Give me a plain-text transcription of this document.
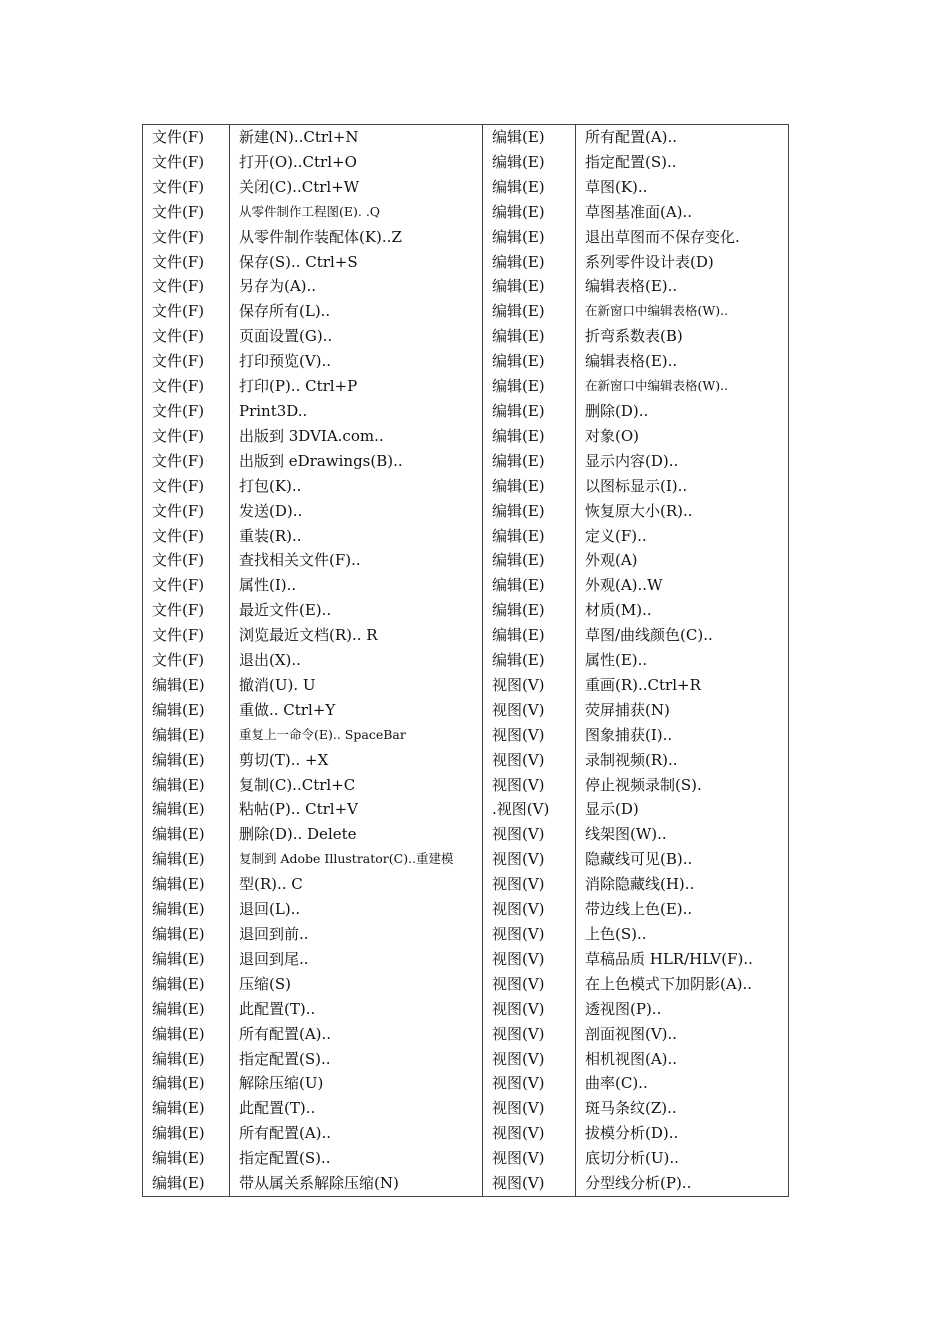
文件(F)	新建(N)..Ctrl+N	编辑(E)	所有配置(A)..
文件(F)	打开(O)..Ctrl+O	编辑(E)	指定配置(S)..
文件(F)	关闭(C)..Ctrl+W	编辑(E)	草图(K)..
文件(F)	从零件制作工程图(E). .Q	编辑(E)	草图基准面(A)..
文件(F)	从零件制作装配体(K)..Z	编辑(E)	退出草图而不保存变化.
文件(F)	保存(S).. Ctrl+S	编辑(E)	系列零件设计表(D)
文件(F)	另存为(A)..	编辑(E)	编辑表格(E)..
文件(F)	保存所有(L)..	编辑(E)	在新窗口中编辑表格(W)..
文件(F)	页面设置(G)..	编辑(E)	折弯系数表(B)
文件(F)	打印预览(V)..	编辑(E)	编辑表格(E)..
文件(F)	打印(P).. Ctrl+P	编辑(E)	在新窗口中编辑表格(W)..
文件(F)	Print3D..	编辑(E)	删除(D)..
文件(F)	出版到 3DVIA.com..	编辑(E)	对象(O)
文件(F)	出版到 eDrawings(B)..	编辑(E)	显示内容(D)..
文件(F)	打包(K)..	编辑(E)	以图标显示(I)..
文件(F)	发送(D)..	编辑(E)	恢复原大小(R)..
文件(F)	重装(R)..	编辑(E)	定义(F)..
文件(F)	查找相关文件(F)..	编辑(E)	外观(A)
文件(F)	属性(I)..	编辑(E)	外观(A)..W
文件(F)	最近文件(E)..	编辑(E)	材质(M)..
文件(F)	浏览最近文档(R).. R	编辑(E)	草图/曲线颜色(C)..
文件(F)	退出(X)..	编辑(E)	属性(E)..
编辑(E)	撤消(U). U	视图(V)	重画(R)..Ctrl+R
编辑(E)	重做.. Ctrl+Y	视图(V)	荧屏捕获(N)
编辑(E)	重复上一命令(E).. SpaceBar	视图(V)	图象捕获(I)..
编辑(E)	剪切(T).. +X	视图(V)	录制视频(R)..
编辑(E)	复制(C)..Ctrl+C	视图(V)	停止视频录制(S).
编辑(E)	粘帖(P).. Ctrl+V	.视图(V)	显示(D)
编辑(E)	删除(D).. Delete	视图(V)	线架图(W)..
编辑(E)	复制到 Adobe Illustrator(C)..重建模	视图(V)	隐藏线可见(B)..
编辑(E)	型(R).. C	视图(V)	消除隐藏线(H)..
编辑(E)	退回(L)..	视图(V)	带边线上色(E)..
编辑(E)	退回到前..	视图(V)	上色(S)..
编辑(E)	退回到尾..	视图(V)	草稿品质 HLR/HLV(F)..
编辑(E)	压缩(S)	视图(V)	在上色模式下加阴影(A)..
编辑(E)	此配置(T)..	视图(V)	透视图(P)..
编辑(E)	所有配置(A)..	视图(V)	剖面视图(V)..
编辑(E)	指定配置(S)..	视图(V)	相机视图(A)..
编辑(E)	解除压缩(U)	视图(V)	曲率(C)..
编辑(E)	此配置(T)..	视图(V)	斑马条纹(Z)..
编辑(E)	所有配置(A)..	视图(V)	拔模分析(D)..
编辑(E)	指定配置(S)..	视图(V)	底切分析(U)..
编辑(E)	带从属关系解除压缩(N)	视图(V)	分型线分析(P)..
